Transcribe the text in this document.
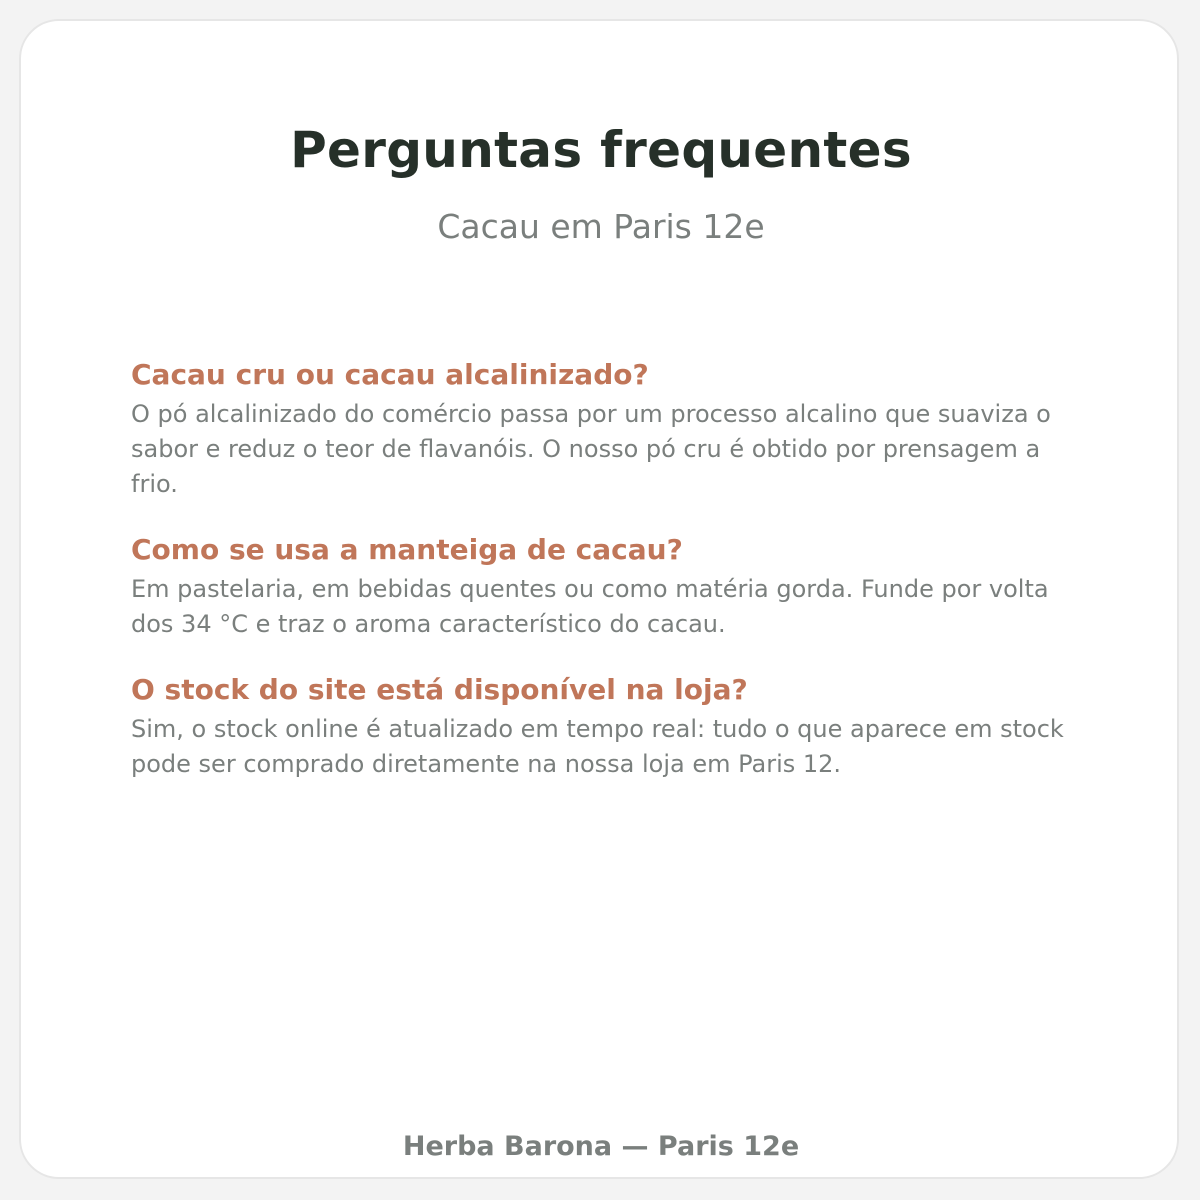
Perguntas frequentes

Cacau em Paris 12e

Cacau cru ou cacau alcalinizado?

O pó alcalinizado do comércio passa por um processo alcalino que suaviza o sabor e reduz o teor de flavanóis. O nosso pó cru é obtido por prensagem a frio.

Como se usa a manteiga de cacau?

Em pastelaria, em bebidas quentes ou como matéria gorda. Funde por volta dos 34 °C e traz o aroma característico do cacau.

O stock do site está disponível na loja?

Sim, o stock online é atualizado em tempo real: tudo o que aparece em stock pode ser comprado diretamente na nossa loja em Paris 12.

Herba Barona — Paris 12e
